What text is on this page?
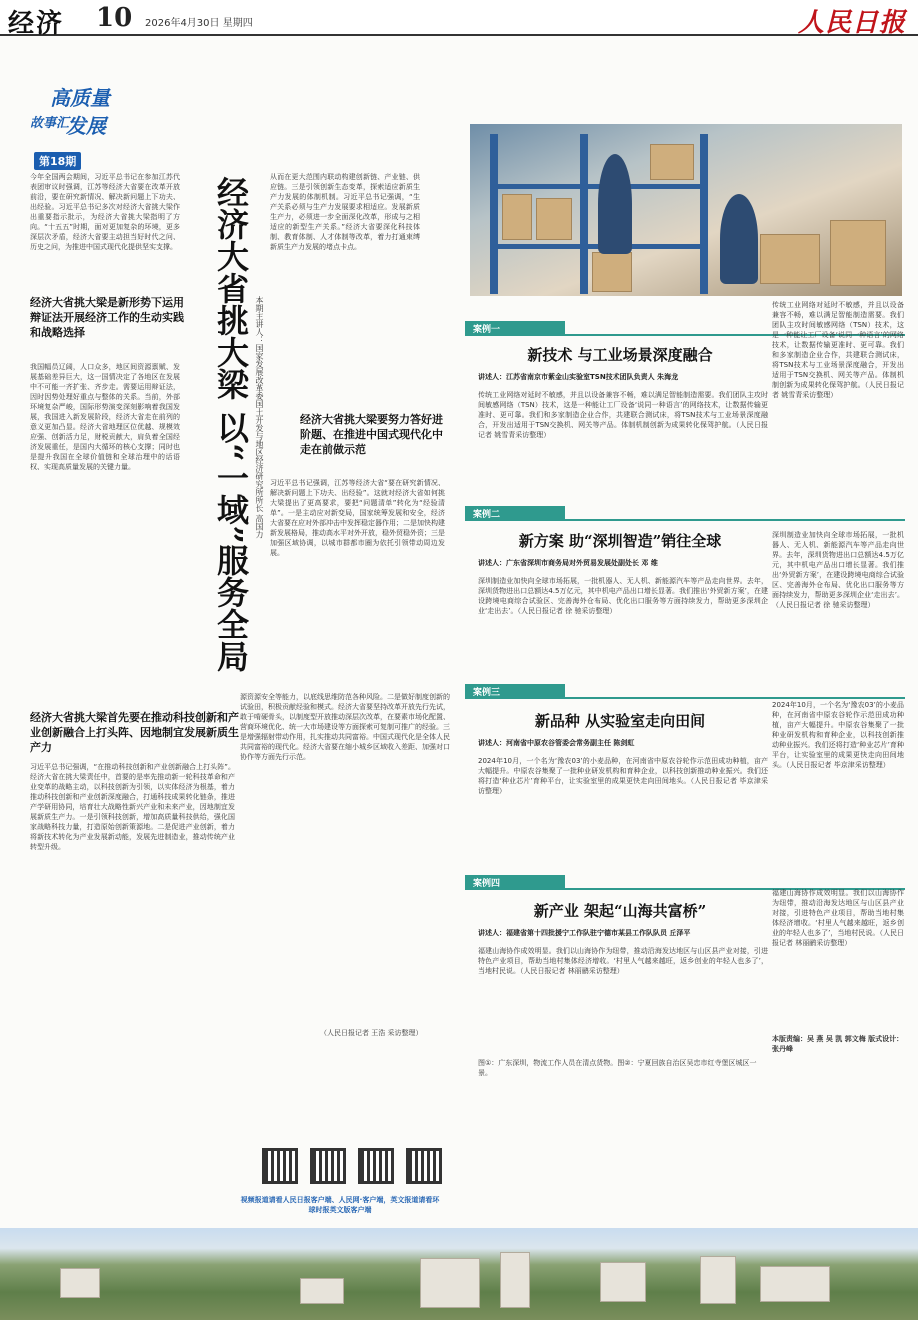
经济 10 2026年4月30日 星期四	人民日报
高质量
故事汇
发展
第18期
今年全国两会期间，习近平总书记在参加江苏代表团审议时强调，江苏等经济大省要在改革开放前沿，要在研究新情况、解决新问题上下功夫、出经验。习近平总书记多次对经济大省挑大梁作出重要指示批示，为经济大省挑大梁指明了方向。“十五五”时期，面对更加复杂的环境，更多深层次矛盾，经济大省要主动担当好时代之问、历史之问，为推进中国式现代化提供坚实支撑。
经济大省挑大梁是新形势下运用辩证法开展经济工作的生动实践和战略选择
我国幅员辽阔，人口众多，地区间资源禀赋、发展基础差异巨大，这一国情决定了各地区在发展中不可能一齐扩张、齐步走。需要运用辩证法，因时因势处理好重点与整体的关系。当前，外部环境复杂严峻，国际形势演变深刻影响着我国发展，我国进入新发展阶段，经济大省走在前列的意义更加凸显。经济大省地理区位优越、规模效应强、创新活力足，财税贡献大，肩负着全国经济发展重任，是国内大循环的核心支撑；同时也是提升我国在全球价值链和全球治理中的话语权、实现高质量发展的关键力量。	经济大省挑大梁 以“一域”服务全局 本期主讲人：国家发展改革委国土开发与地区经济研究所所长 高国力
从而在更大范围内联动构建创新链、产业链、供应链。三是引领创新生态变革，探索适应新质生产力发展的体制机制。习近平总书记强调，“生产关系必须与生产力发展要求相适应。发展新质生产力，必须进一步全面深化改革，形成与之相适应的新型生产关系。”经济大省要深化科技体制、教育体制、人才体制等改革，着力打通束缚新质生产力发展的堵点卡点。
经济大省挑大梁要努力答好进阶题、在推进中国式现代化中走在前做示范
习近平总书记强调，江苏等经济大省“要在研究新情况、解决新问题上下功夫、出经验”。这就对经济大省如何挑大梁提出了更高要求，要把“问题清单”转化为“经验清单”。一是主动应对新变局，国家统筹发展和安全，经济大省要在应对外部冲击中发挥稳定器作用；二是加快构建新发展格局，推动高水平对外开放，稳外贸稳外资；三是加强区域协调，以城市群都市圈为依托引领带动周边发展。
经济大省挑大梁首先要在推动科技创新和产业创新融合上打头阵、因地制宜发展新质生产力
习近平总书记强调，“在推动科技创新和产业创新融合上打头阵”。经济大省在挑大梁责任中，首要的是率先推动新一轮科技革命和产业变革的战略主动，以科技创新为引领，以实体经济为根基，着力推动科技创新和产业创新深度融合，打通科技成果转化链条，推进产学研用协同，培育壮大战略性新兴产业和未来产业，因地制宜发展新质生产力。一是引领科技创新，增加高质量科技供给，强化国家战略科技力量，打造原始创新策源地。二是促进产业创新，着力将新技术转化为产业发展新动能，发展先进制造业，推动传统产业转型升级。
源资源安全等能力，以底线思维防范各种风险。二是做好制度创新的试验田，积极贡献经验和模式。经济大省要坚持改革开放先行先试，敢于啃硬骨头，以制度型开放推动深层次改革，在要素市场化配置、营商环境优化、统一大市场建设等方面探索可复制可推广的经验。三是增强辐射带动作用，扎实推动共同富裕。中国式现代化是全体人民共同富裕的现代化。经济大省要在缩小城乡区域收入差距、加强对口协作等方面先行示范。
（人民日报记者 王浩 采访整理）
视频报道请看人民日报客户端、人民网·客户端，英文报道请看环球时报英文版客户端
案例一
新技术 与工业场景深度融合
讲述人：江苏省南京市紫金山实验室TSN技术团队负责人 朱海龙
传统工业网络对延时不敏感，并且以设备兼容不畅，难以满足智能制造需要。我们团队主攻时间敏感网络（TSN）技术，这是一种能让工厂设备‘说同一种语言’的网络技术，让数据传输更准时、更可靠。我们和多家制造企业合作，共建联合测试床，将TSN技术与工业场景深度融合，开发出适用于TSN交换机、网关等产品。体制机制创新为成果转化保驾护航。（人民日报记者 姚雪青采访整理）
传统工业网络对延时不敏感，并且以设备兼容不畅，难以满足智能制造需要。我们团队主攻时间敏感网络（TSN）技术，这是一种能让工厂设备‘说同一种语言’的网络技术，让数据传输更准时、更可靠。我们和多家制造企业合作，共建联合测试床，将TSN技术与工业场景深度融合，开发出适用于TSN交换机、网关等产品。体制机制创新为成果转化保驾护航。（人民日报记者 姚雪青采访整理）
案例二
新方案 助“深圳智造”销往全球
讲述人：广东省深圳市商务局对外贸易发展处副处长 邓 维
深圳制造业加快向全球市场拓展，一批机器人、无人机、新能源汽车等产品走向世界。去年，深圳货物进出口总额达4.5万亿元，其中机电产品出口增长显著。我们推出‘外贸新方案’，在建设跨境电商综合试验区、完善海外仓布局、优化出口服务等方面持续发力，帮助更多深圳企业‘走出去’。（人民日报记者 徐 驰采访整理）
深圳制造业加快向全球市场拓展，一批机器人、无人机、新能源汽车等产品走向世界。去年，深圳货物进出口总额达4.5万亿元，其中机电产品出口增长显著。我们推出‘外贸新方案’，在建设跨境电商综合试验区、完善海外仓布局、优化出口服务等方面持续发力，帮助更多深圳企业‘走出去’。（人民日报记者 徐 驰采访整理）
案例三
新品种 从实验室走向田间
讲述人：河南省中原农谷管委会常务副主任 陈剑虹
2024年10月，一个名为‘豫农03’的小麦品种，在河南省中原农谷轮作示范田成功种植，亩产大幅提升。中原农谷集聚了一批种业研发机构和育种企业，以科技创新推动种业振兴。我们还将打造‘种业芯片’育种平台，让实验室里的成果更快走向田间地头。（人民日报记者 毕京津采访整理）
2024年10月，一个名为‘豫农03’的小麦品种，在河南省中原农谷轮作示范田成功种植，亩产大幅提升。中原农谷集聚了一批种业研发机构和育种企业，以科技创新推动种业振兴。我们还将打造‘种业芯片’育种平台，让实验室里的成果更快走向田间地头。（人民日报记者 毕京津采访整理）
案例四
新产业 架起“山海共富桥”
讲述人：福建省第十四批援宁工作队驻宁德市某县工作队队员 丘泽平
福建山海协作成效明显。我们以山海协作为纽带，推动沿海发达地区与山区县产业对接，引进特色产业项目，帮助当地村集体经济增收。‘村里人气越来越旺，返乡创业的年轻人也多了’，当地村民说。（人民日报记者 林丽鹂采访整理）
福建山海协作成效明显。我们以山海协作为纽带，推动沿海发达地区与山区县产业对接，引进特色产业项目，帮助当地村集体经济增收。‘村里人气越来越旺，返乡创业的年轻人也多了’，当地村民说。（人民日报记者 林丽鹂采访整理）
图①：广东深圳，物流工作人员在清点货物。图②：宁夏回族自治区吴忠市红寺堡区城区一景。
本版责编：吴 燕 吴 凯 郭文梅 版式设计：张丹峰
